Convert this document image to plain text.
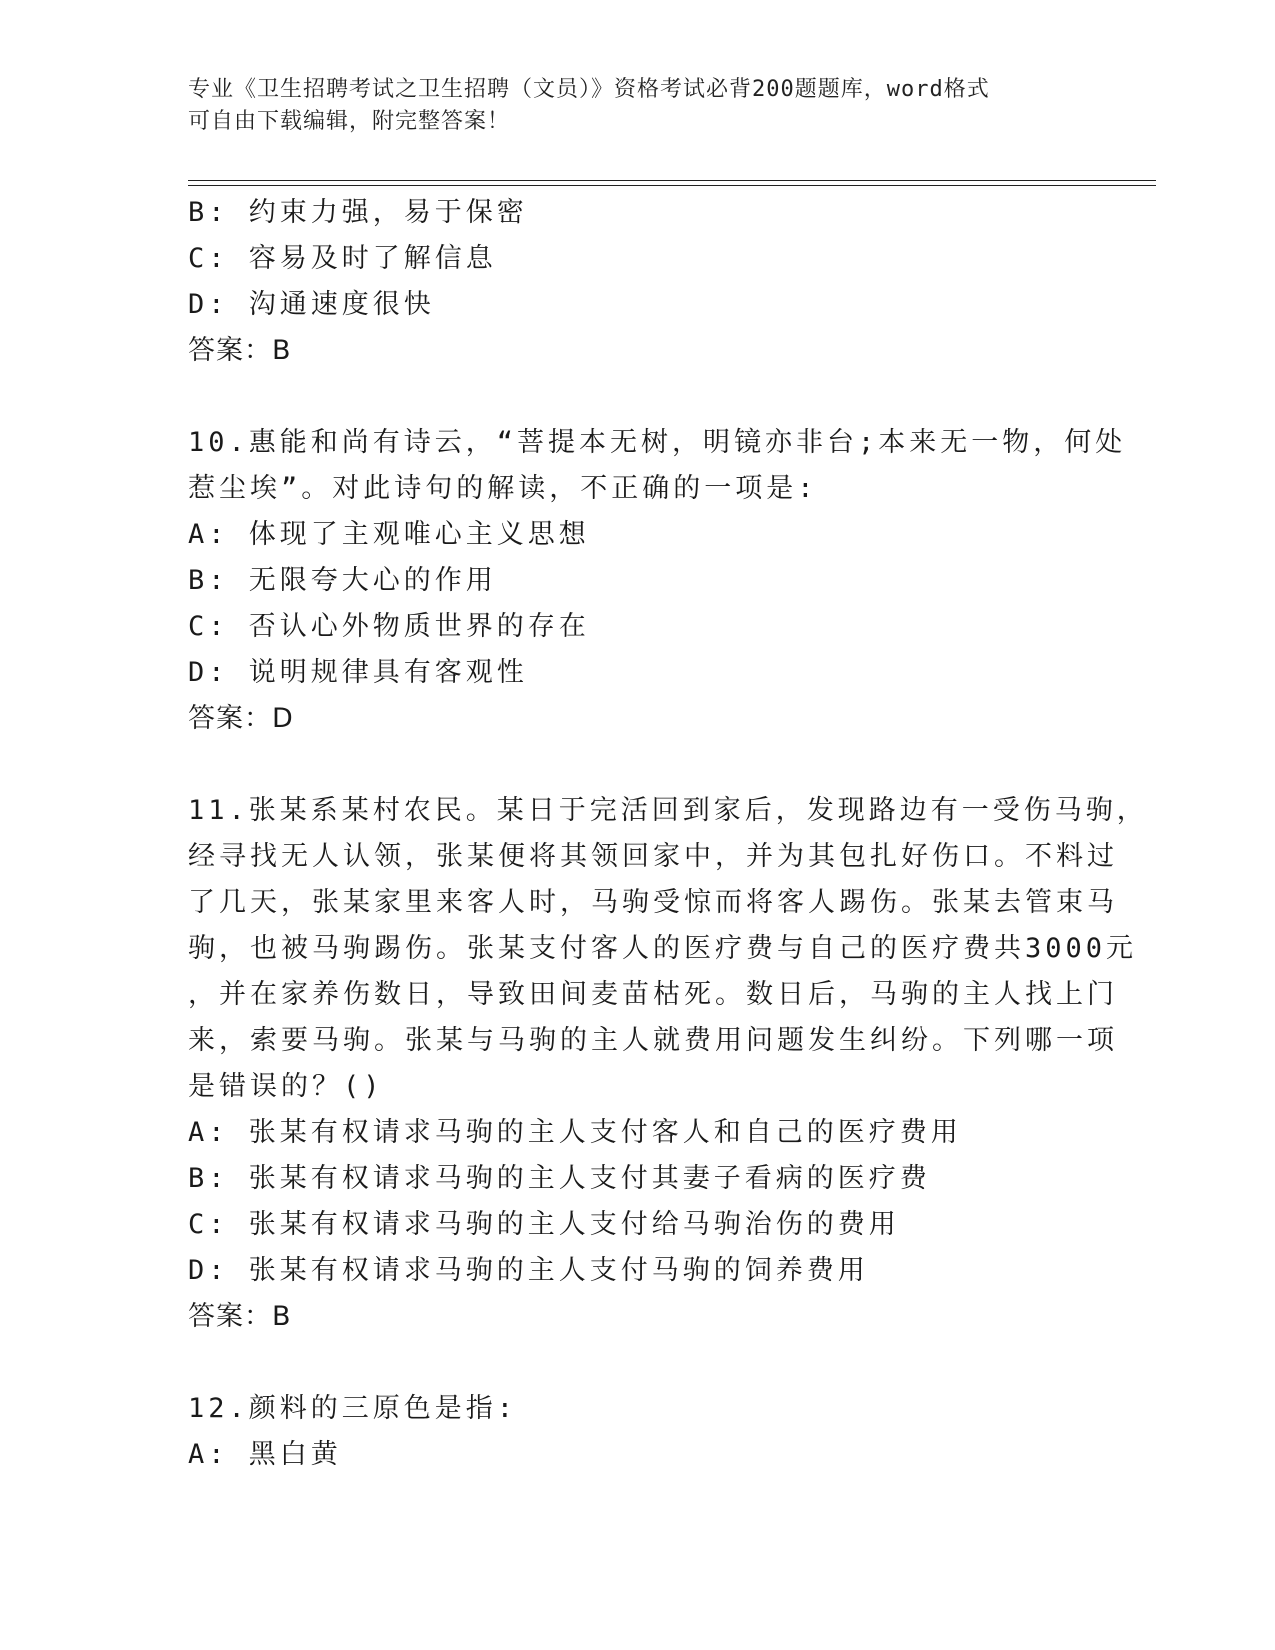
专业《卫生招聘考试之卫生招聘（文员）》资格考试必背200题题库，word格式
可自由下载编辑，附完整答案！
B: 约束力强，易于保密
C: 容易及时了解信息
D: 沟通速度很快
答案：B
10.惠能和尚有诗云，“菩提本无树，明镜亦非台;本来无一物，何处
惹尘埃”。对此诗句的解读，不正确的一项是:
A: 体现了主观唯心主义思想
B: 无限夸大心的作用
C: 否认心外物质世界的存在
D: 说明规律具有客观性
答案：D
11.张某系某村农民。某日于完活回到家后，发现路边有一受伤马驹，
经寻找无人认领，张某便将其领回家中，并为其包扎好伤口。不料过
了几天，张某家里来客人时，马驹受惊而将客人踢伤。张某去管束马
驹，也被马驹踢伤。张某支付客人的医疗费与自己的医疗费共3000元
，并在家养伤数日，导致田间麦苗枯死。数日后，马驹的主人找上门
来，索要马驹。张某与马驹的主人就费用问题发生纠纷。下列哪一项
是错误的？()
A: 张某有权请求马驹的主人支付客人和自己的医疗费用
B: 张某有权请求马驹的主人支付其妻子看病的医疗费
C: 张某有权请求马驹的主人支付给马驹治伤的费用
D: 张某有权请求马驹的主人支付马驹的饲养费用
答案：B
12.颜料的三原色是指:
A: 黑白黄
